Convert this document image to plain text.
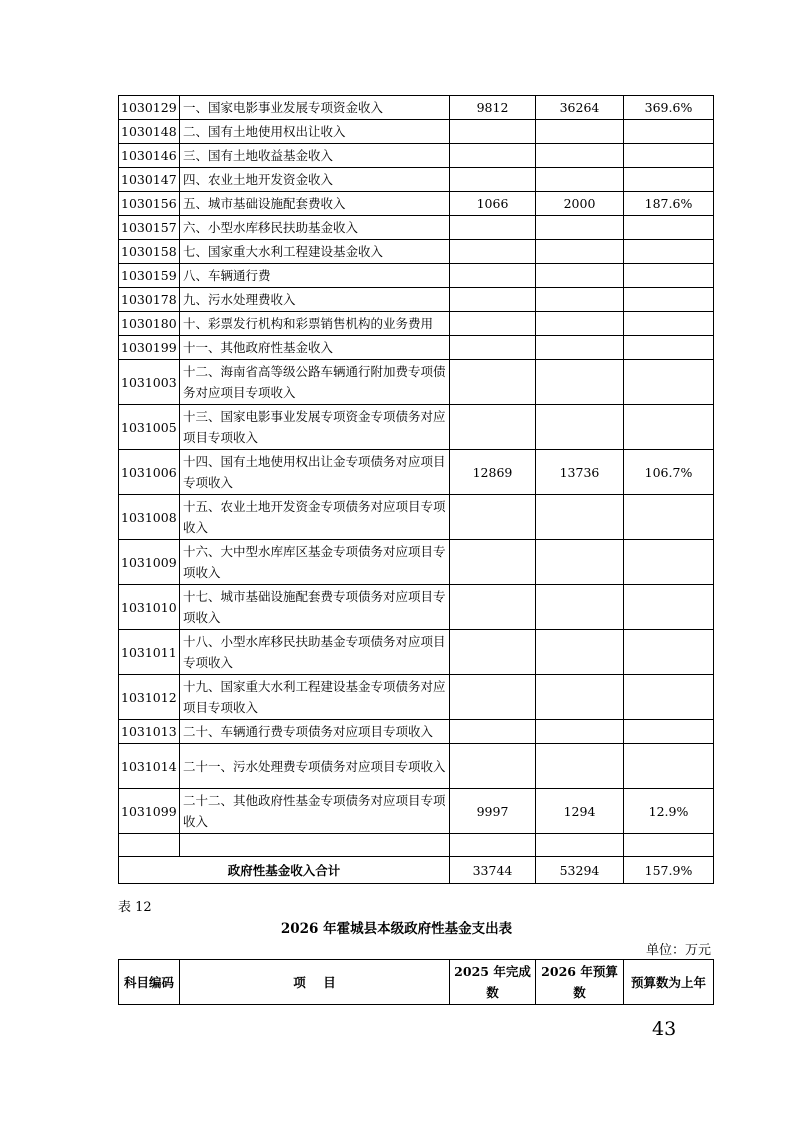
1030129	一、国家电影事业发展专项资金收入	9812	36264	369.6%
1030148	二、国有土地使用权出让收入			
1030146	三、国有土地收益基金收入			
1030147	四、农业土地开发资金收入			
1030156	五、城市基础设施配套费收入	1066	2000	187.6%
1030157	六、小型水库移民扶助基金收入			
1030158	七、国家重大水利工程建设基金收入			
1030159	八、车辆通行费			
1030178	九、污水处理费收入			
1030180	十、彩票发行机构和彩票销售机构的业务费用			
1030199	十一、其他政府性基金收入			
1031003	十二、海南省高等级公路车辆通行附加费专项债务对应项目专项收入			
1031005	十三、国家电影事业发展专项资金专项债务对应项目专项收入			
1031006	十四、国有土地使用权出让金专项债务对应项目专项收入	12869	13736	106.7%
1031008	十五、农业土地开发资金专项债务对应项目专项收入			
1031009	十六、大中型水库库区基金专项债务对应项目专项收入			
1031010	十七、城市基础设施配套费专项债务对应项目专项收入			
1031011	十八、小型水库移民扶助基金专项债务对应项目专项收入			
1031012	十九、国家重大水利工程建设基金专项债务对应项目专项收入			
1031013	二十、车辆通行费专项债务对应项目专项收入			
1031014	二十一、污水处理费专项债务对应项目专项收入			
1031099	二十二、其他政府性基金专项债务对应项目专项收入	9997	1294	12.9%

政府性基金收入合计		33744	53294	157.9%
表 12
2026 年霍城县本级政府性基金支出表
单位：万元
科目编码	项    目	2025 年完成数	2026 年预算数	预算数为上年
43
